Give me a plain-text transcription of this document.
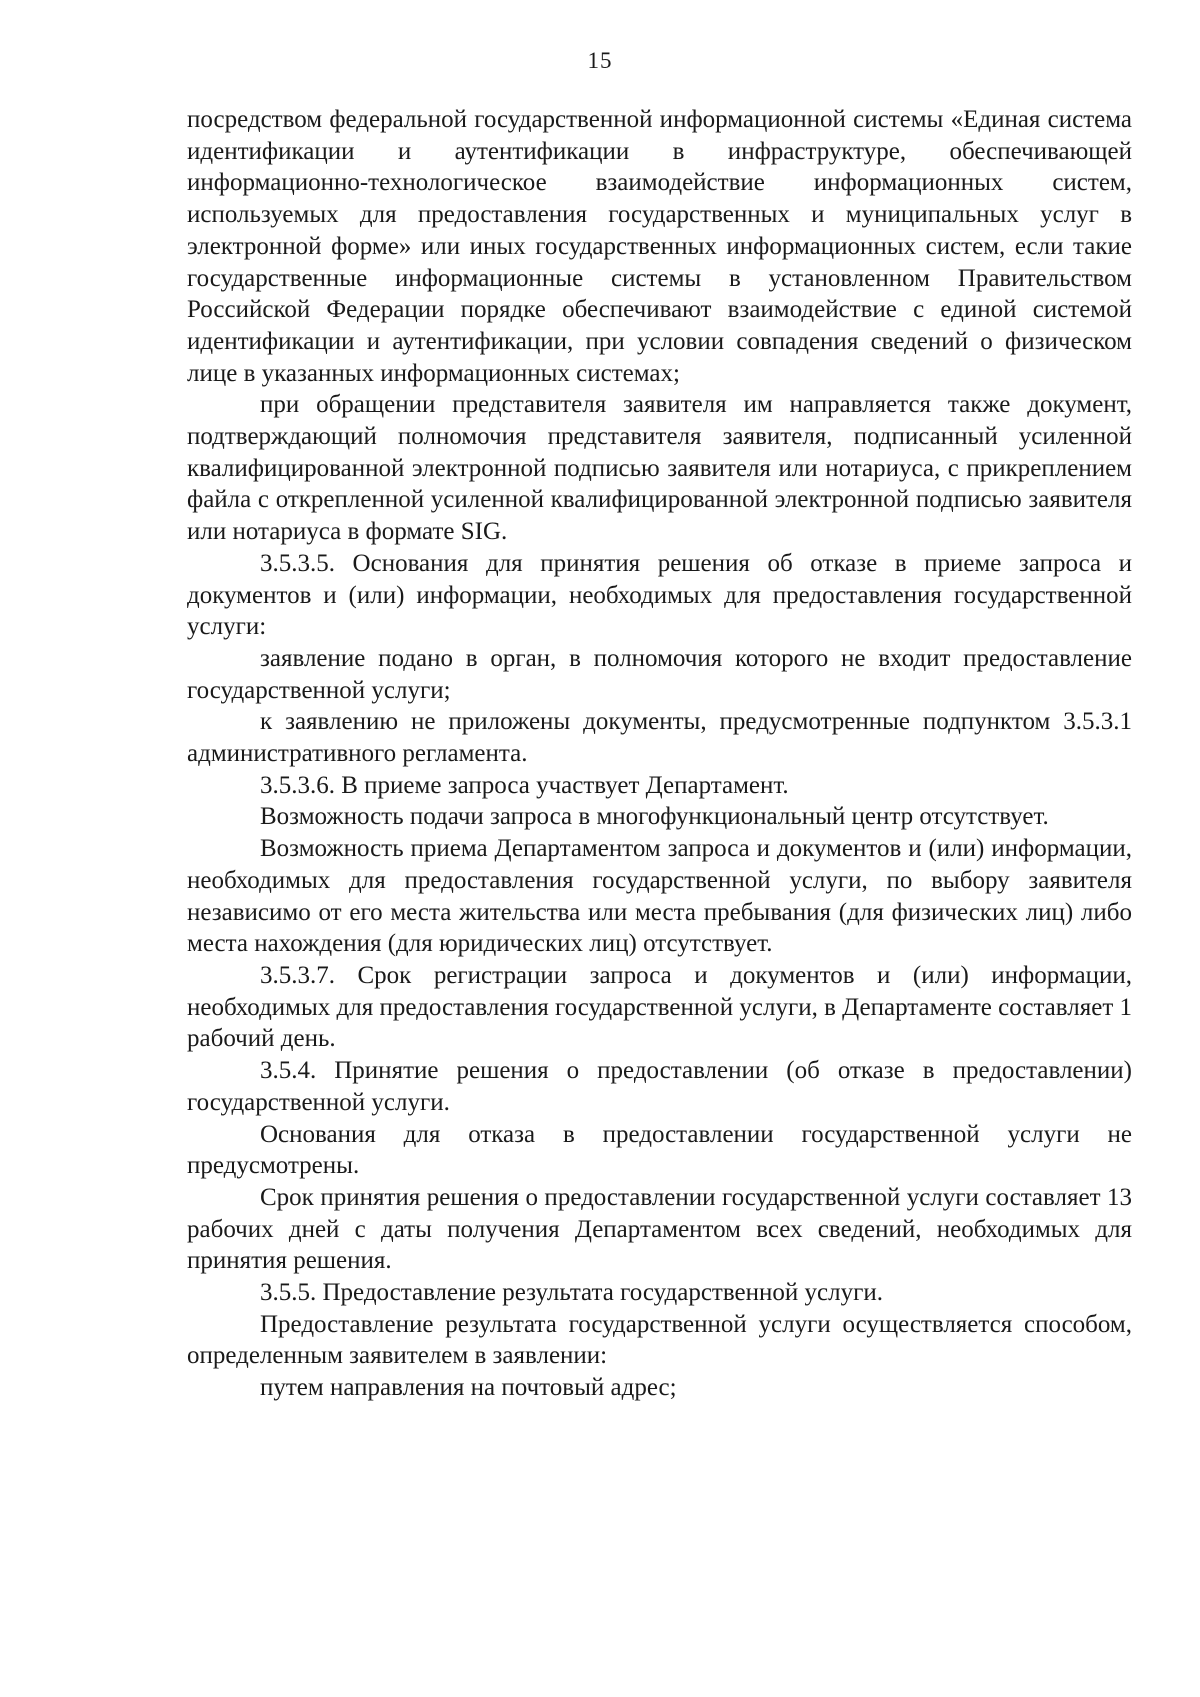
15

посредством федеральной государственной информационной системы «Единая система идентификации и аутентификации в инфраструктуре, обеспечивающей информационно-технологическое взаимодействие информационных систем, используемых для предоставления государственных и муниципальных услуг в электронной форме» или иных государственных информационных систем, если такие государственные информационные системы в установленном Правительством Российской Федерации порядке обеспечивают взаимодействие с единой системой идентификации и аутентификации, при условии совпадения сведений о физическом лице в указанных информационных системах;

при обращении представителя заявителя им направляется также документ, подтверждающий полномочия представителя заявителя, подписанный усиленной квалифицированной электронной подписью заявителя или нотариуса, с прикреплением файла с открепленной усиленной квалифицированной электронной подписью заявителя или нотариуса в формате SIG.

3.5.3.5. Основания для принятия решения об отказе в приеме запроса и документов и (или) информации, необходимых для предоставления государственной услуги:

заявление подано в орган, в полномочия которого не входит предоставление государственной услуги;

к заявлению не приложены документы, предусмотренные подпунктом 3.5.3.1 административного регламента.

3.5.3.6. В приеме запроса участвует Департамент.

Возможность подачи запроса в многофункциональный центр отсутствует.

Возможность приема Департаментом запроса и документов и (или) информации, необходимых для предоставления государственной услуги, по выбору заявителя независимо от его места жительства или места пребывания (для физических лиц) либо места нахождения (для юридических лиц) отсутствует.

3.5.3.7. Срок регистрации запроса и документов и (или) информации, необходимых для предоставления государственной услуги, в Департаменте составляет 1 рабочий день.

3.5.4. Принятие решения о предоставлении (об отказе в предоставлении) государственной услуги.

Основания для отказа в предоставлении государственной услуги не предусмотрены.

Срок принятия решения о предоставлении государственной услуги составляет 13 рабочих дней с даты получения Департаментом всех сведений, необходимых для принятия решения.

3.5.5. Предоставление результата государственной услуги.

Предоставление результата государственной услуги осуществляется способом, определенным заявителем в заявлении:

путем направления на почтовый адрес;
